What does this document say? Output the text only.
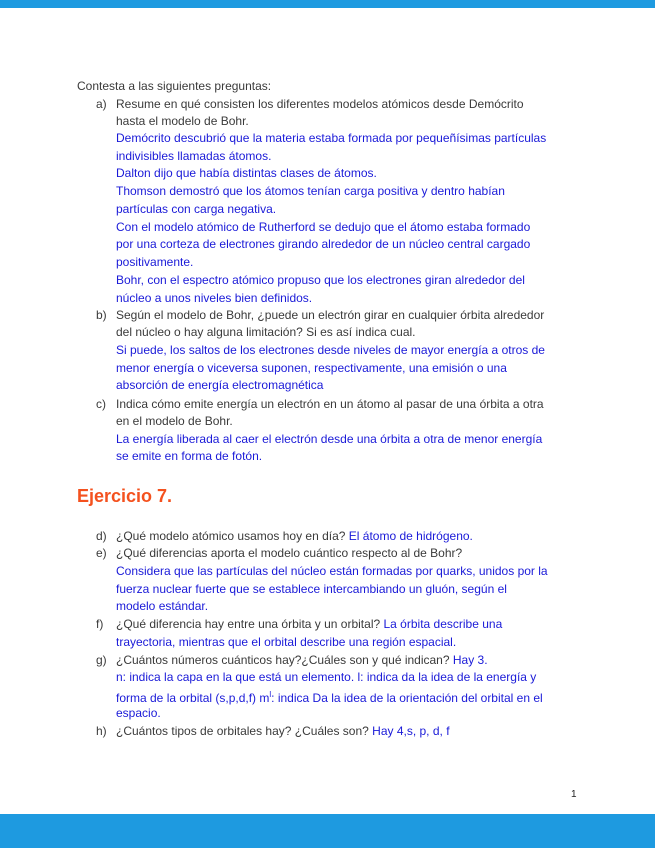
Contesta a las siguientes preguntas:
a) Resume en qué consisten los diferentes modelos atómicos desde Demócrito
hasta el modelo de Bohr.
Demócrito descubrió que la materia estaba formada por pequeñísimas partículas
indivisibles llamadas átomos.
Dalton dijo que había distintas clases de átomos.
Thomson demostró que los átomos tenían carga positiva y dentro habían
partículas con carga negativa.
Con el modelo atómico de Rutherford se dedujo que el átomo estaba formado
por una corteza de electrones girando alrededor de un núcleo central cargado
positivamente.
Bohr, con el espectro atómico propuso que los electrones giran alrededor del
núcleo a unos niveles bien definidos.
b) Según el modelo de Bohr, ¿puede un electrón girar en cualquier órbita alrededor
del núcleo o hay alguna limitación? Si es así indica cual.
Si puede, los saltos de los electrones desde niveles de mayor energía a otros de
menor energía o viceversa suponen, respectivamente, una emisión o una
absorción de energía electromagnética
c) Indica cómo emite energía un electrón en un átomo al pasar de una órbita a otra
en el modelo de Bohr.
La energía liberada al caer el electrón desde una órbita a otra de menor energía
se emite en forma de fotón.
Ejercicio 7.
d) ¿Qué modelo atómico usamos hoy en día? El átomo de hidrógeno.
e) ¿Qué diferencias aporta el modelo cuántico respecto al de Bohr?
Considera que las partículas del núcleo están formadas por quarks, unidos por la
fuerza nuclear fuerte que se establece intercambiando un gluón, según el
modelo estándar.
f) ¿Qué diferencia hay entre una órbita y un orbital? La órbita describe una
trayectoria, mientras que el orbital describe una región espacial.
g) ¿Cuántos números cuánticos hay?¿Cuáles son y qué indican? Hay 3.
n: indica la capa en la que está un elemento. l: indica da la idea de la energía y
forma de la orbital (s,p,d,f) $m^l$: indica Da la idea de la orientación del orbital en el
espacio.
h) ¿Cuántos tipos de orbitales hay? ¿Cuáles son? Hay 4,s, p, d, f
1
